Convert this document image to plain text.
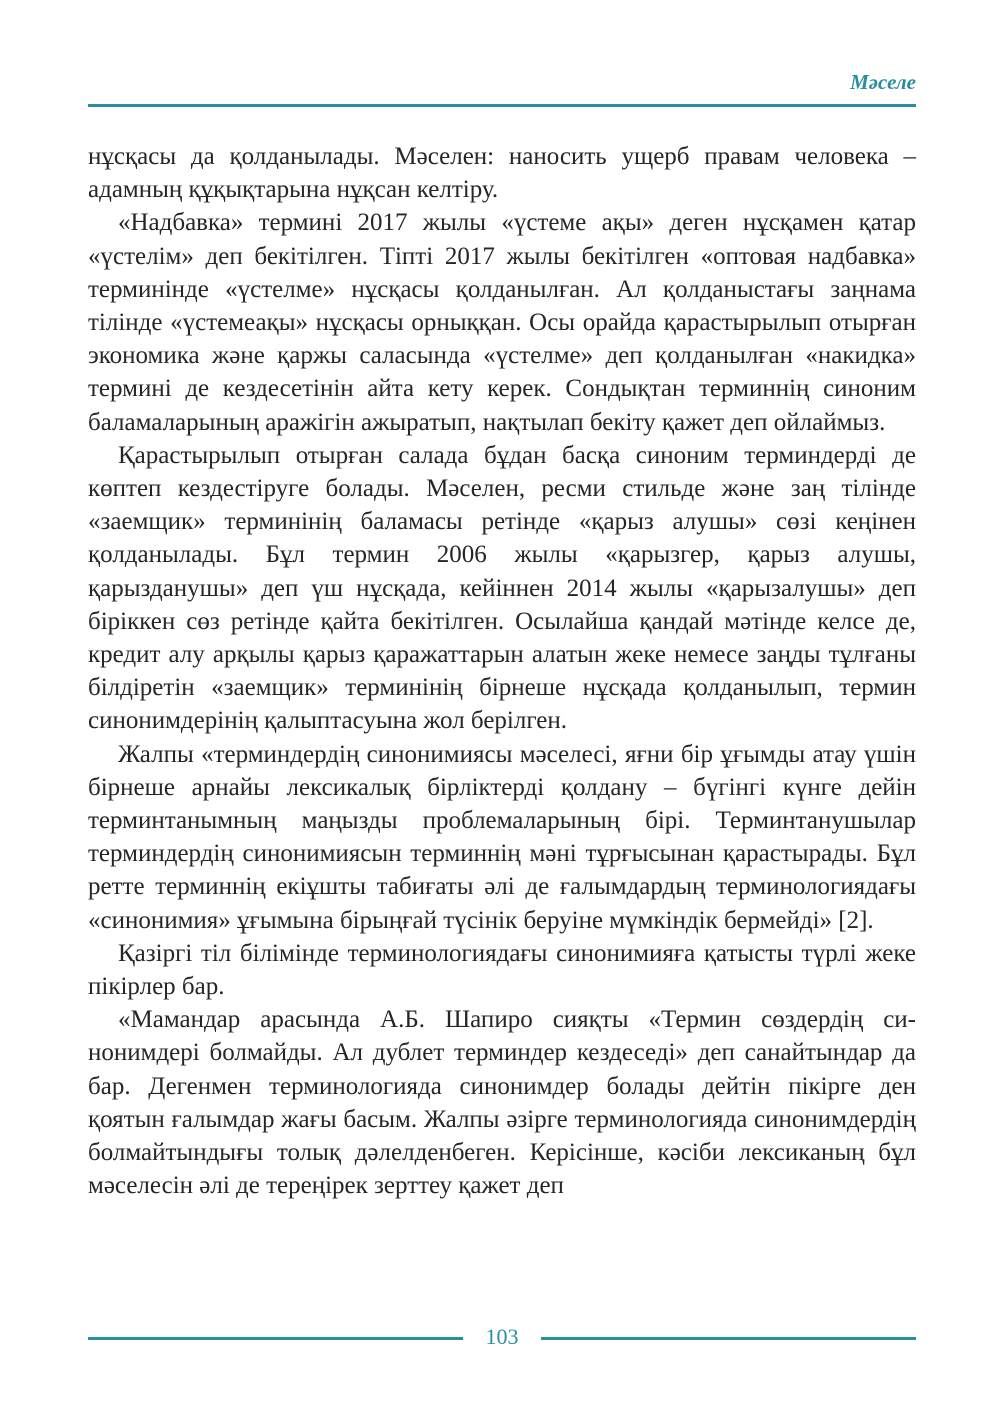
Мәселе

нұсқасы да қолданылады. Мәселен: наносить ущерб правам человека – адамның құқықтарына нұқсан келтіру.

«Надбавка» термині 2017 жылы «үстеме ақы» деген нұсқамен қатар «үстелім» деп бекітілген. Тіпті 2017 жылы бекітілген «оптовая надбавка» терминінде «үстелме» нұсқасы қолданылған. Ал қолданыстағы заңнама тілінде «үстемеақы» нұсқасы орныққан. Осы орайда қарастырылып отырған экономика және қаржы саласында «үстелме» деп қолданылған «накидка» термині де кездесетінін айта кету керек. Сондықтан терминнің синоним баламаларының аражігін ажыратып, нақтылап бекіту қажет деп ойлаймыз.

Қарастырылып отырған салада бұдан басқа синоним терминдерді де көптеп кездестіруге болады. Мәселен, ресми стильде және заң тілінде «заемщик» терминінің баламасы ретінде «қарыз алушы» сөзі кеңінен қолданылады. Бұл термин 2006 жылы «қарызгер, қарыз алушы, қарызданушы» деп үш нұсқада, кейіннен 2014 жылы «қарызалушы» деп біріккен сөз ретінде қайта бекітілген. Осылайша қандай мәтінде келсе де, кредит алу арқылы қарыз қаражаттарын алатын жеке немесе заңды тұлғаны білдіретін «заемщик» терминінің бірнеше нұсқада қолданылып, термин синонимдерінің қалыптасуына жол берілген.

Жалпы «терминдердің синонимиясы мәселесі, яғни бір ұғымды атау үшін бірнеше арнайы лексикалық бірліктерді қолдану – бүгінгі күнге дейін терминтанымның маңызды проблемаларының бірі. Терминтанушылар терминдердің синонимиясын терминнің мәні тұрғысынан қарастырады. Бұл ретте терминнің екіұшты табиғаты әлі де ғалымдардың терминологиядағы «синонимия» ұғымына бірыңғай түсінік беруіне мүмкіндік бермейді» [2].

Қазіргі тіл білімінде терминологиядағы синонимияға қатысты түрлі жеке пікірлер бар.

«Мамандар арасында А.Б. Шапиро сияқты «Термин сөздердің синонимдері болмайды. Ал дублет терминдер кездеседі» деп санайтындар да бар. Дегенмен терминологияда синонимдер болады дейтін пікірге ден қоятын ғалымдар жағы басым. Жалпы әзірге терминологияда синонимдердің болмайтындығы толық дәлелденбеген. Керісінше, кәсіби лексиканың бұл мәселесін әлі де тереңірек зерттеу қажет деп

103
